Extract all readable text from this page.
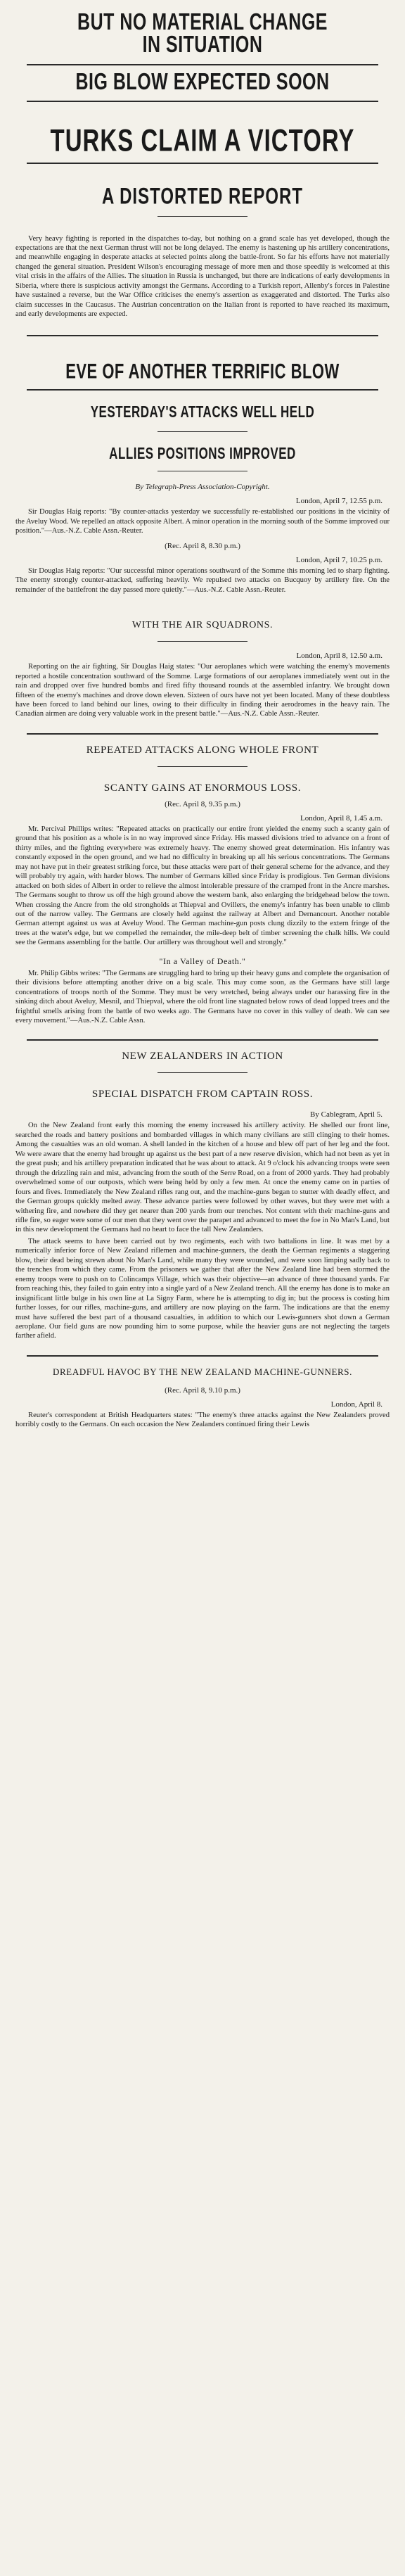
BUT NO MATERIAL CHANGE
IN SITUATION
BIG BLOW EXPECTED SOON
TURKS CLAIM A VICTORY
A DISTORTED REPORT

Very heavy fighting is reported in the dispatches to-day, but nothing on a grand scale has yet developed, though the expectations are that the next German thrust will not be long delayed. The enemy is hastening up his artillery concentrations, and meanwhile engaging in desperate attacks at selected points along the battle-front. So far his efforts have not materially changed the general situation. President Wilson's encouraging message of more men and those speedily is welcomed at this vital crisis in the affairs of the Allies. The situation in Russia is unchanged, but there are indications of early developments in Siberia, where there is suspicious activity amongst the Germans. According to a Turkish report, Allenby's forces in Palestine have sustained a reverse, but the War Office criticises the enemy's assertion as exaggerated and distorted. The Turks also claim successes in the Caucasus. The Austrian concentration on the Italian front is reported to have reached its maximum, and early developments are expected.

EVE OF ANOTHER TERRIFIC BLOW
YESTERDAY'S ATTACKS WELL HELD
ALLIES POSITIONS IMPROVED
By Telegraph-Press Association-Copyright.
London, April 7, 12.55 p.m.

Sir Douglas Haig reports: "By counter-attacks yesterday we successfully re-established our positions in the vicinity of the Aveluy Wood. We repelled an attack opposite Albert. A minor operation in the morning south of the Somme improved our position."—Aus.-N.Z. Cable Assn.-Reuter.

(Rec. April 8, 8.30 p.m.)
London, April 7, 10.25 p.m.

Sir Douglas Haig reports: "Our successful minor operations southward of the Somme this morning led to sharp fighting. The enemy strongly counter-attacked, suffering heavily. We repulsed two attacks on Bucquoy by artillery fire. On the remainder of the battlefront the day passed more quietly."—Aus.-N.Z. Cable Assn.-Reuter.

WITH THE AIR SQUADRONS.
London, April 8, 12.50 a.m.

Reporting on the air fighting, Sir Douglas Haig states: "Our aeroplanes which were watching the enemy's movements reported a hostile concentration southward of the Somme. Large formations of our aeroplanes immediately went out in the rain and dropped over five hundred bombs and fired fifty thousand rounds at the assembled infantry. We brought down fifteen of the enemy's machines and drove down eleven. Sixteen of ours have not yet been located. Many of these doubtless have been forced to land behind our lines, owing to their difficulty in finding their aerodromes in the heavy rain. The Canadian airmen are doing very valuable work in the present battle."—Aus.-N.Z. Cable Assn.-Reuter.

REPEATED ATTACKS ALONG WHOLE FRONT
SCANTY GAINS AT ENORMOUS LOSS.
(Rec. April 8, 9.35 p.m.)
London, April 8, 1.45 a.m.

Mr. Percival Phillips writes: "Repeated attacks on practically our entire front yielded the enemy such a scanty gain of ground that his position as a whole is in no way improved since Friday. His massed divisions tried to advance on a front of thirty miles, and the fighting everywhere was extremely heavy. The enemy showed great determination. His infantry was constantly exposed in the open ground, and we had no difficulty in breaking up all his serious concentrations. The Germans may not have put in their greatest striking force, but these attacks were part of their general scheme for the advance, and they will probably try again, with harder blows. The number of Germans killed since Friday is prodigious. Ten German divisions attacked on both sides of Albert in order to relieve the almost intolerable pressure of the cramped front in the Ancre marshes. The Germans sought to throw us off the high ground above the western bank, also enlarging the bridgehead below the town. When crossing the Ancre from the old strongholds at Thiepval and Ovillers, the enemy's infantry has been unable to climb out of the narrow valley. The Germans are closely held against the railway at Albert and Dernancourt. Another notable German attempt against us was at Aveluy Wood. The German machine-gun posts clung dizzily to the extern fringe of the trees at the water's edge, but we compelled the remainder, the mile-deep belt of timber screening the chalk hills. We could see the Germans assembling for the battle. Our artillery was throughout well and strongly."

"In a Valley of Death."

Mr. Philip Gibbs writes: "The Germans are struggling hard to bring up their heavy guns and complete the organisation of their divisions before attempting another drive on a big scale. This may come soon, as the Germans have still large concentrations of troops north of the Somme. They must be very wretched, being always under our harassing fire in the sinking ditch about Aveluy, Mesnil, and Thiepval, where the old front line stagnated below rows of dead lopped trees and the frightful smells arising from the battle of two weeks ago. The Germans have no cover in this valley of death. We can see every movement."—Aus.-N.Z. Cable Assn.

NEW ZEALANDERS IN ACTION
SPECIAL DISPATCH FROM CAPTAIN ROSS.
By Cablegram, April 5.

On the New Zealand front early this morning the enemy increased his artillery activity. He shelled our front line, searched the roads and battery positions and bombarded villages in which many civilians are still clinging to their homes. Among the casualties was an old woman. A shell landed in the kitchen of a house and blew off part of her leg and the foot. We were aware that the enemy had brought up against us the best part of a new reserve division, which had not been as yet in the great push; and his artillery preparation indicated that he was about to attack. At 9 o'clock his advancing troops were seen through the drizzling rain and mist, advancing from the south of the Serre Road, on a front of 2000 yards. They had probably overwhelmed some of our outposts, which were being held by only a few men. At once the enemy came on in parties of fours and fives. Immediately the New Zealand rifles rang out, and the machine-guns began to stutter with deadly effect, and the German groups quickly melted away. These advance parties were followed by other waves, but they were met with a withering fire, and nowhere did they get nearer than 200 yards from our trenches. Not content with their machine-guns and rifle fire, so eager were some of our men that they went over the parapet and advanced to meet the foe in No Man's Land, but in this new development the Germans had no heart to face the tall New Zealanders.

The attack seems to have been carried out by two regiments, each with two battalions in line. It was met by a numerically inferior force of New Zealand riflemen and machine-gunners, the death the German regiments a staggering blow, their dead being strewn about No Man's Land, while many they were wounded, and were soon limping sadly back to the trenches from which they came. From the prisoners we gather that after the New Zealand line had been stormed the enemy troops were to push on to Colincamps Village, which was their objective—an advance of three thousand yards. Far from reaching this, they failed to gain entry into a single yard of a New Zealand trench. All the enemy has done is to make an insignificant little bulge in his own line at La Signy Farm, where he is attempting to dig in; but the process is costing him further losses, for our rifles, machine-guns, and artillery are now playing on the farm. The indications are that the enemy must have suffered the best part of a thousand casualties, in addition to which our Lewis-gunners shot down a German aeroplane. Our field guns are now pounding him to some purpose, while the heavier guns are not neglecting the targets farther afield.

DREADFUL HAVOC BY THE NEW ZEALAND MACHINE-GUNNERS.
(Rec. April 8, 9.10 p.m.)
London, April 8.

Reuter's correspondent at British Headquarters states: "The enemy's three attacks against the New Zealanders proved horribly costly to the Germans. On each occasion the New Zealanders continued firing their Lewis
